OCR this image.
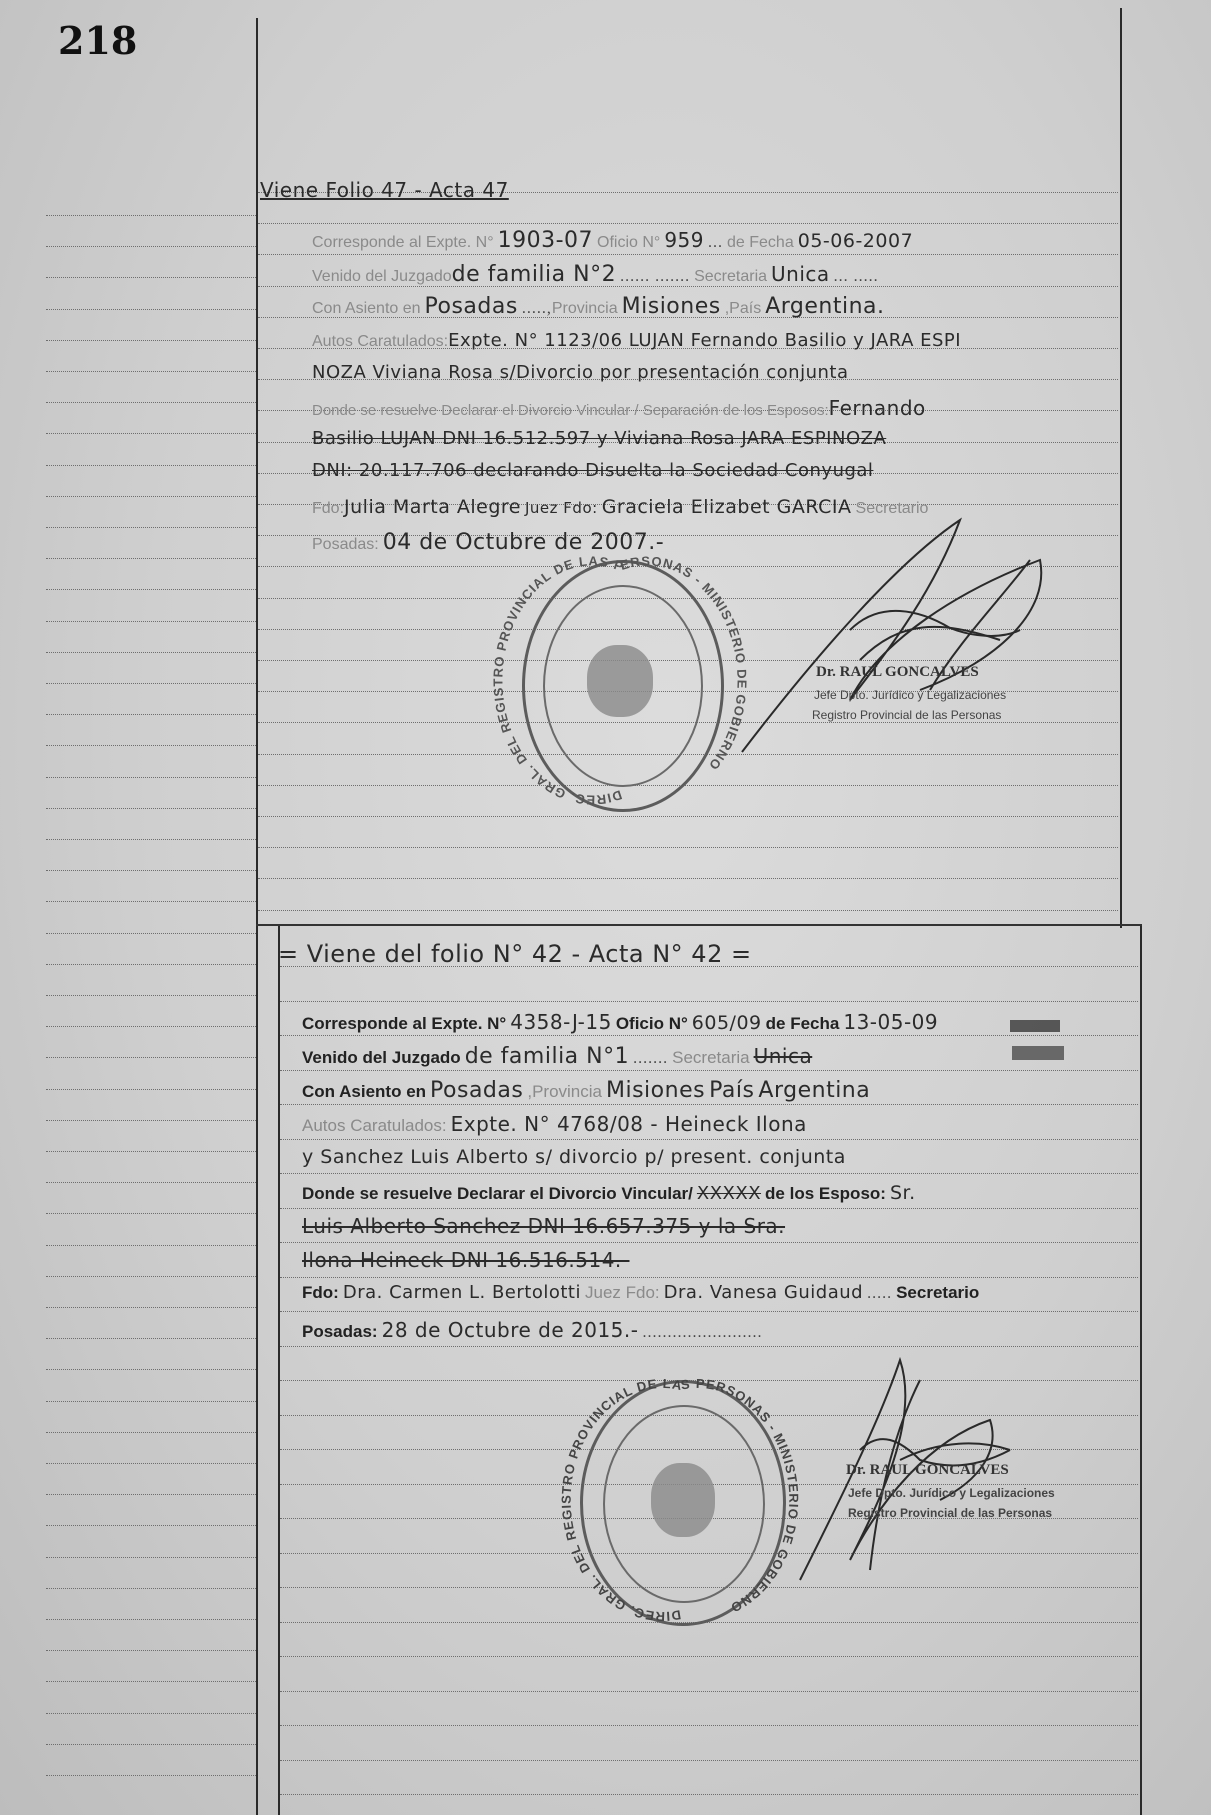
218
Viene Folio 47 - Acta 47
Corresponde al Expte. N° 1903-07 Oficio N° 959 ... de Fecha 05-06-2007
Venido del Juzgadode familia N°2 ...... ....... Secretaria Unica ... .....
Con Asiento en Posadas .....,Provincia Misiones ,País Argentina.
Autos Caratulados:Expte. N° 1123/06 LUJAN Fernando Basilio y JARA ESPI
NOZA Viviana Rosa s/Divorcio por presentación conjunta
Donde se resuelve Declarar el Divorcio Vincular / Separación de los Esposos:Fernando
Basilio LUJAN DNI 16.512.597 y Viviana Rosa JARA ESPINOZA
DNI: 20.117.706 declarando Disuelta la Sociedad Conyugal
Fdo:Julia Marta Alegre Juez Fdo: Graciela Elizabet GARCIA Secretario
Posadas: 04 de Octubre de 2007.-
DIREC. GRAL. DEL REGISTRO PROVINCIAL DE LAS PERSONAS - MINISTERIO DE GOBIERNO
Dr. RAUL GONCALVES
Jefe Dpto. Jurídico y Legalizaciones
Registro Provincial de las Personas
= Viene del folio N° 42 - Acta N° 42 =
Corresponde al Expte. N° 4358-J-15 Oficio N° 605/09 de Fecha 13-05-09
Venido del Juzgado de familia N°1 ....... Secretaria Unica
Con Asiento en Posadas ,Provincia Misiones País Argentina
Autos Caratulados: Expte. N° 4768/08 - Heineck Ilona
y Sanchez Luis Alberto s/ divorcio p/ present. conjunta
Donde se resuelve Declarar el Divorcio Vincular/ XXXXX de los Esposo: Sr.
Luis Alberto Sanchez DNI 16.657.375 y la Sra.
Ilona Heineck DNI 16.516.514.-
Fdo: Dra. Carmen L. Bertolotti Juez Fdo: Dra. Vanesa Guidaud ..... Secretario
Posadas: 28 de Octubre de 2015.- ........................
DIREC. GRAL. DEL REGISTRO PROVINCIAL DE LAS PERSONAS - MINISTERIO DE GOBIERNO
Dr. RAUL GONCALVES
Jefe Dpto. Jurídico y Legalizaciones
Registro Provincial de las Personas
